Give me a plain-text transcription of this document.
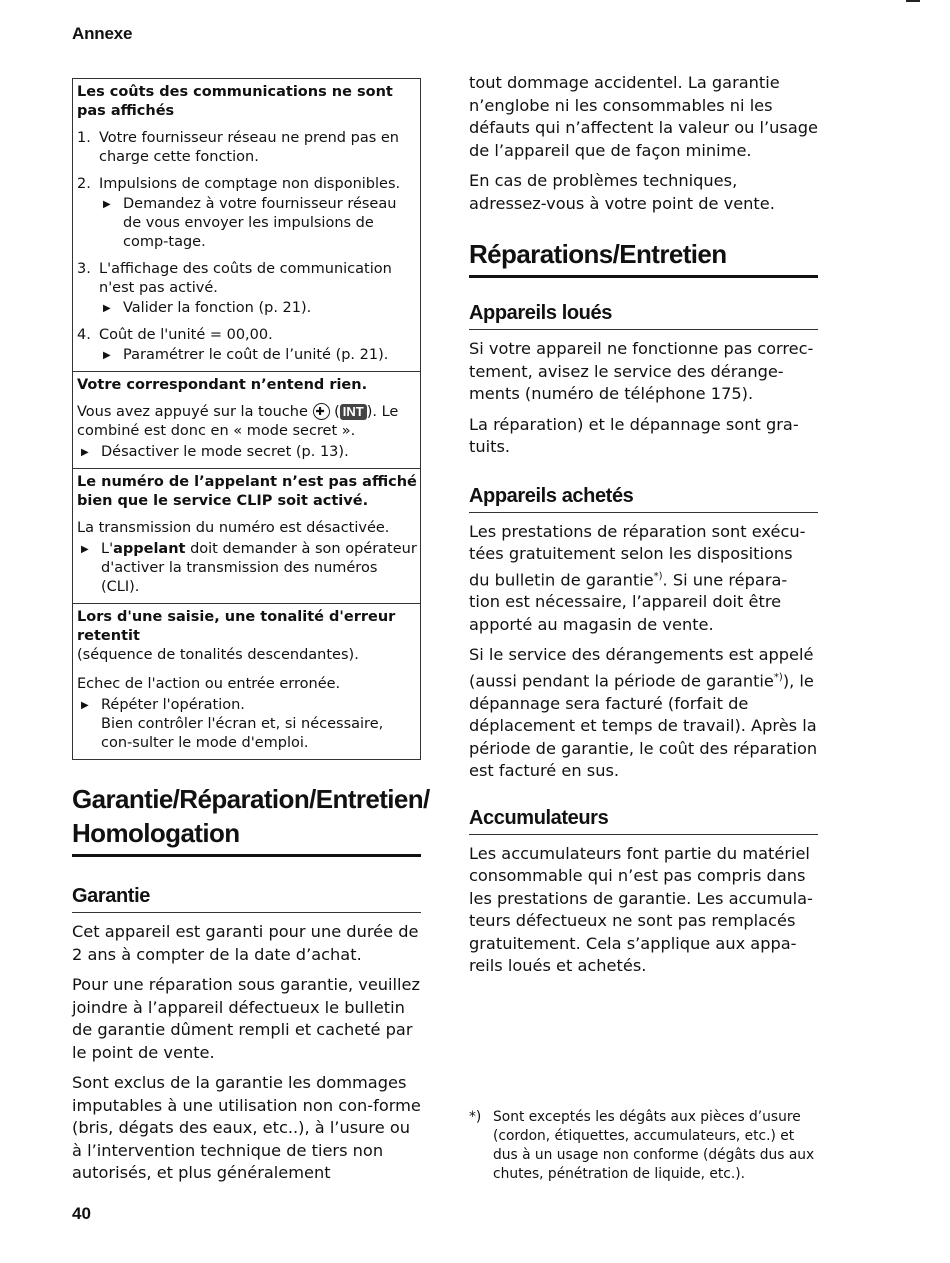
Annexe
Les coûts des communications ne sont pas affichés
1. Votre fournisseur réseau ne prend pas en charge cette fonction.
2. Impulsions de comptage non disponibles.
▶ Demandez à votre fournisseur réseau de vous envoyer les impulsions de comp-tage.
3. L'affichage des coûts de communication n'est pas activé.
▶ Valider la fonction (p. 21).
4. Coût de l'unité = 00,00.
▶ Paramétrer le coût de l’unité (p. 21).
Votre correspondant n’entend rien.

Vous avez appuyé sur la touche ✚ ( INT ). Le combiné est donc en « mode secret ».

▶ Désactiver le mode secret (p. 13).
Le numéro de l’appelant n’est pas affiché bien que le service CLIP soit activé.

La transmission du numéro est désactivée.

▶ L'appelant doit demander à son opérateur d'activer la transmission des numéros (CLI).
Lors d'une saisie, une tonalité d'erreur retentit

(séquence de tonalités descendantes).

Echec de l'action ou entrée erronée.

▶ Répéter l'opération.
Bien contrôler l'écran et, si nécessaire, con-sulter le mode d'emploi.
Garantie/Réparation/Entretien/
Homologation
Garantie

Cet appareil est garanti pour une durée de 2 ans à compter de la date d’achat.

Pour une réparation sous garantie, veuillez joindre à l’appareil défectueux le bulletin de garantie dûment rempli et cacheté par le point de vente.

Sont exclus de la garantie les dommages imputables à une utilisation non con-forme (bris, dégats des eaux, etc..), à l’usure ou à l’intervention technique de tiers non autorisés, et plus généralement

tout dommage accidentel. La garantie n’englobe ni les consommables ni les défauts qui n’affectent la valeur ou l’usage de l’appareil que de façon minime.

En cas de problèmes techniques, adressez-vous à votre point de vente.

Réparations/Entretien
Appareils loués

Si votre appareil ne fonctionne pas correc-tement, avisez le service des dérange-ments (numéro de téléphone 175).

La réparation) et le dépannage sont gra-tuits.

Appareils achetés

Les prestations de réparation sont exécu-tées gratuitement selon les dispositions du bulletin de garantie*). Si une répara-tion est nécessaire, l’appareil doit être apporté au magasin de vente.

Si le service des dérangements est appelé (aussi pendant la période de garantie*)), le dépannage sera facturé (forfait de déplacement et temps de travail). Après la période de garantie, le coût des réparation est facturé en sus.

Accumulateurs

Les accumulateurs font partie du matériel consommable qui n’est pas compris dans les prestations de garantie. Les accumula-teurs défectueux ne sont pas remplacés gratuitement. Cela s’applique aux appa-reils loués et achetés.

*) Sont exceptés les dégâts aux pièces d’usure (cordon, étiquettes, accumulateurs, etc.) et dus à un usage non conforme (dégâts dus aux chutes, pénétration de liquide, etc.).
40
